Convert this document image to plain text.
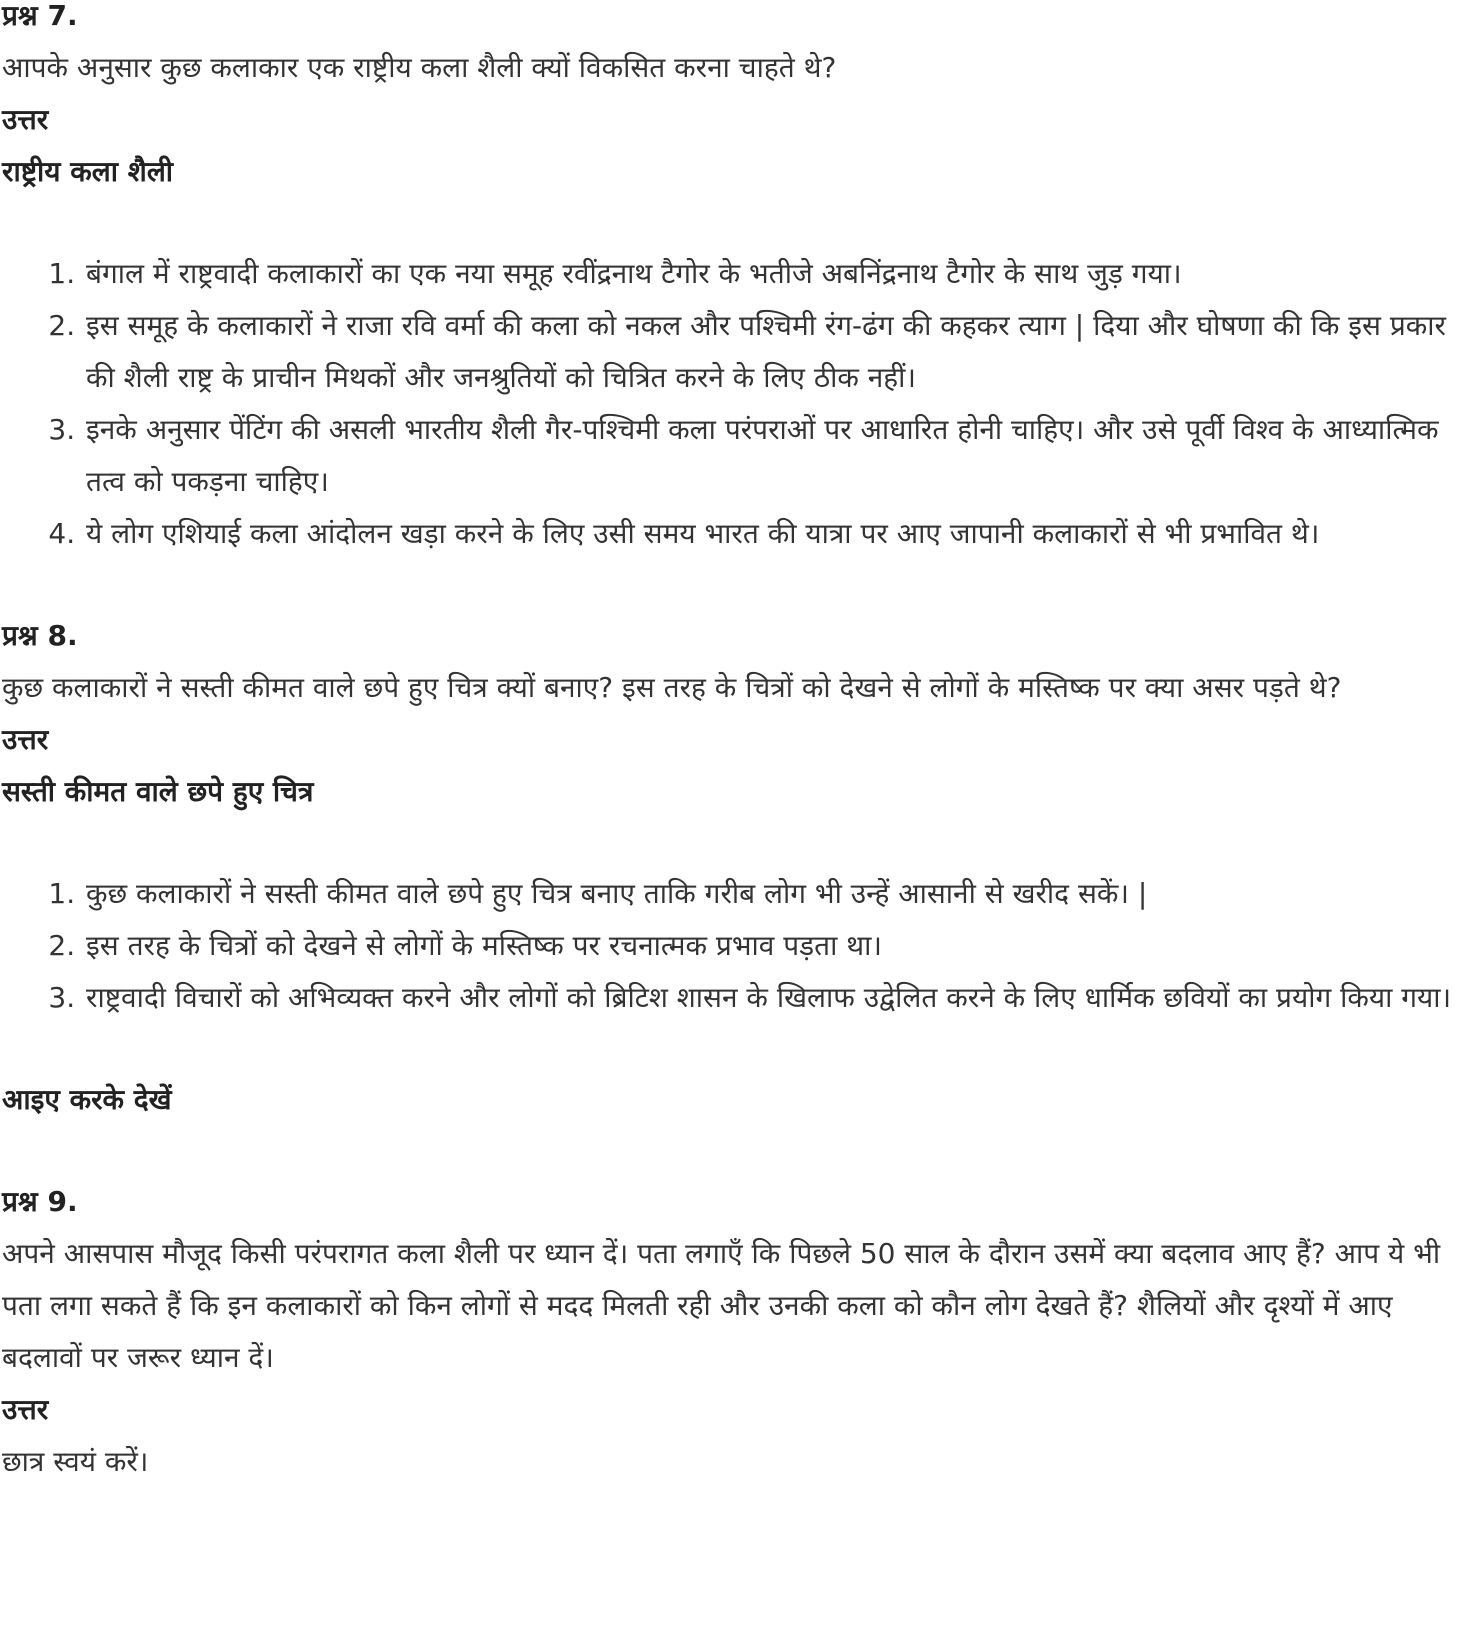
प्रश्न 7.

आपके अनुसार कुछ कलाकार एक राष्ट्रीय कला शैली क्यों विकसित करना चाहते थे?

उत्तर

राष्ट्रीय कला शैली

1. बंगाल में राष्ट्रवादी कलाकारों का एक नया समूह रवींद्रनाथ टैगोर के भतीजे अबनिंद्रनाथ टैगोर के साथ जुड़ गया।
2. इस समूह के कलाकारों ने राजा रवि वर्मा की कला को नकल और पश्चिमी रंग-ढंग की कहकर त्याग | दिया और घोषणा की कि इस प्रकार की शैली राष्ट्र के प्राचीन मिथकों और जनश्रुतियों को चित्रित करने के लिए ठीक नहीं।
3. इनके अनुसार पेंटिंग की असली भारतीय शैली गैर-पश्चिमी कला परंपराओं पर आधारित होनी चाहिए। और उसे पूर्वी विश्व के आध्यात्मिक तत्व को पकड़ना चाहिए।
4. ये लोग एशियाई कला आंदोलन खड़ा करने के लिए उसी समय भारत की यात्रा पर आए जापानी कलाकारों से भी प्रभावित थे।

प्रश्न 8.

कुछ कलाकारों ने सस्ती कीमत वाले छपे हुए चित्र क्यों बनाए? इस तरह के चित्रों को देखने से लोगों के मस्तिष्क पर क्या असर पड़ते थे?

उत्तर

सस्ती कीमत वाले छपे हुए चित्र

1. कुछ कलाकारों ने सस्ती कीमत वाले छपे हुए चित्र बनाए ताकि गरीब लोग भी उन्हें आसानी से खरीद सकें। |
2. इस तरह के चित्रों को देखने से लोगों के मस्तिष्क पर रचनात्मक प्रभाव पड़ता था।
3. राष्ट्रवादी विचारों को अभिव्यक्त करने और लोगों को ब्रिटिश शासन के खिलाफ उद्वेलित करने के लिए धार्मिक छवियों का प्रयोग किया गया।

आइए करके देखें

प्रश्न 9.

अपने आसपास मौजूद किसी परंपरागत कला शैली पर ध्यान दें। पता लगाएँ कि पिछले 50 साल के दौरान उसमें क्या बदलाव आए हैं? आप ये भी पता लगा सकते हैं कि इन कलाकारों को किन लोगों से मदद मिलती रही और उनकी कला को कौन लोग देखते हैं? शैलियों और दृश्यों में आए बदलावों पर जरूर ध्यान दें।

उत्तर

छात्र स्वयं करें।
